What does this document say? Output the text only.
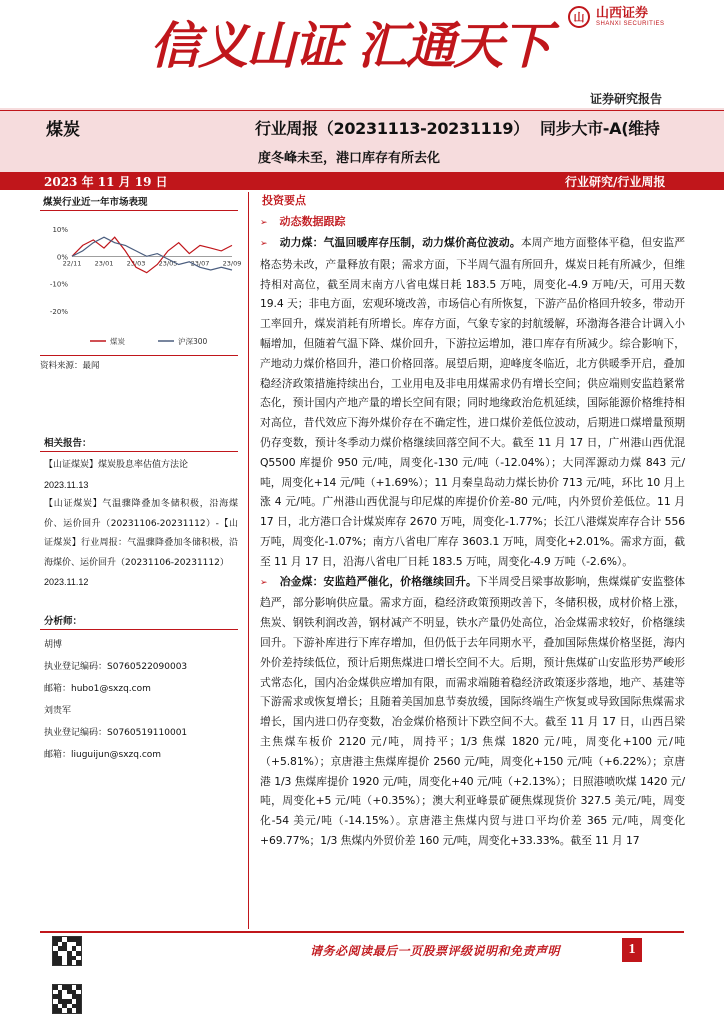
山 山西证券
SHANXI SECURITIES
信义山证 汇通天下
证券研究报告
煤炭	行业周报（20231113-20231119） 同步大市-A(维持
度冬峰未至，港口库存有所去化
2023 年 11 月 19 日	行业研究/行业周报
煤炭行业近一年市场表现
10%
0%
-10%
-20%
22/11 23/01 23/03 23/05 23/07 23/09
煤炭	沪深300
资料来源：最闻
相关报告：
【山证煤炭】煤炭股息率估值方法论
2023.11.13
【山证煤炭】气温骤降叠加冬储积极，沿海煤价、运价回升（20231106-20231112）-【山证煤炭】行业周报：气温骤降叠加冬储积极，沿海煤价、运价回升（20231106-20231112）
2023.11.12
分析师：
胡博
执业登记编码：S0760522090003
邮箱：hubo1@sxzq.com
刘贵军
执业登记编码：S0760519110001
邮箱：liuguijun@sxzq.com
投资要点
➢ 动态数据跟踪
➢ 动力煤：气温回暖库存压制，动力煤价高位波动。本周产地方面整体平稳，但安监严格态势未改，产量释放有限；需求方面，下半周气温有所回升，煤炭日耗有所减少，但维持相对高位，截至周末南方八省电煤日耗 183.5 万吨，周变化-4.9 万吨/天，可用天数 19.4 天；非电方面，宏观环境改善，市场信心有所恢复，下游产品价格回升较多，带动开工率回升，煤炭消耗有所增长。库存方面，气象专家的封航缓解，环渤海各港合计调入小幅增加，但随着气温下降、煤价回升，下游拉运增加，港口库存有所减少。综合影响下，产地动力煤价格回升，港口价格回落。展望后期，迎峰度冬临近，北方供暖季开启，叠加稳经济政策措施持续出台，工业用电及非电用煤需求仍有增长空间；供应端则安监趋紧常态化，预计国内产地产量的增长空间有限；同时地缘政治危机延续，国际能源价格维持相对高位，昔代效应下海外煤价存在不确定性，进口煤价差低位波动，后期进口煤增量预期仍存变数，预计冬季动力煤价格继续回落空间不大。截至 11 月 17 日，广州港山西优混 Q5500 库提价 950 元/吨，周变化-130 元/吨（-12.04%）；大同浑源动力煤 843 元/吨，周变化+14 元/吨（+1.69%）；11 月秦皇岛动力煤长协价 713 元/吨，环比 10 月上涨 4 元/吨。广州港山西优混与印尼煤的库提价价差-80 元/吨，内外贸价差低位。11 月 17 日，北方港口合计煤炭库存 2670 万吨，周变化-1.77%；长江八港煤炭库存合计 556 万吨，周变化-1.07%；南方八省电厂库存 3603.1 万吨，周变化+2.01%。需求方面，截至 11 月 17 日，沿海八省电厂日耗 183.5 万吨，周变化-4.9 万吨（-2.6%）。
➢ 冶金煤：安监趋严催化，价格继续回升。下半周受吕梁事故影响，焦煤煤矿安监整体趋严，部分影响供应量。需求方面，稳经济政策预期改善下，冬储积极，成材价格上涨，焦炭、钢铁利润改善，钢材减产不明显，铁水产量仍处高位，冶金煤需求较好，价格继续回升。下游补库进行下库存增加，但仍低于去年同期水平，叠加国际焦煤价格坚挺，海内外价差持续低位，预计后期焦煤进口增长空间不大。后期，预计焦煤矿山安监形势严峻形式常态化，国内冶金煤供应增加有限，而需求端随着稳经济政策逐步落地，地产、基建等下游需求或恢复增长；且随着美国加息节奏放缓，国际终端生产恢复或导致国际焦煤需求增长，国内进口仍存变数，冶金煤价格预计下跌空间不大。截至 11 月 17 日，山西吕梁主焦煤车板价 2120 元/吨，周持平；1/3 焦煤 1820 元/吨，周变化+100 元/吨（+5.81%）；京唐港主焦煤库提价 2560 元/吨，周变化+150 元/吨（+6.22%）；京唐港 1/3 焦煤库提价 1920 元/吨，周变化+40 元/吨（+2.13%）；日照港喷吹煤 1420 元/吨，周变化+5 元/吨（+0.35%）；澳大利亚峰景矿硬焦煤现货价 327.5 美元/吨，周变化-54 美元/吨（-14.15%）。京唐港主焦煤内贸与进口平均价差 365 元/吨，周变化+69.77%；1/3 焦煤内外贸价差 160 元/吨，周变化+33.33%。截至 11 月 17
请务必阅读最后一页股票评级说明和免责声明	1
